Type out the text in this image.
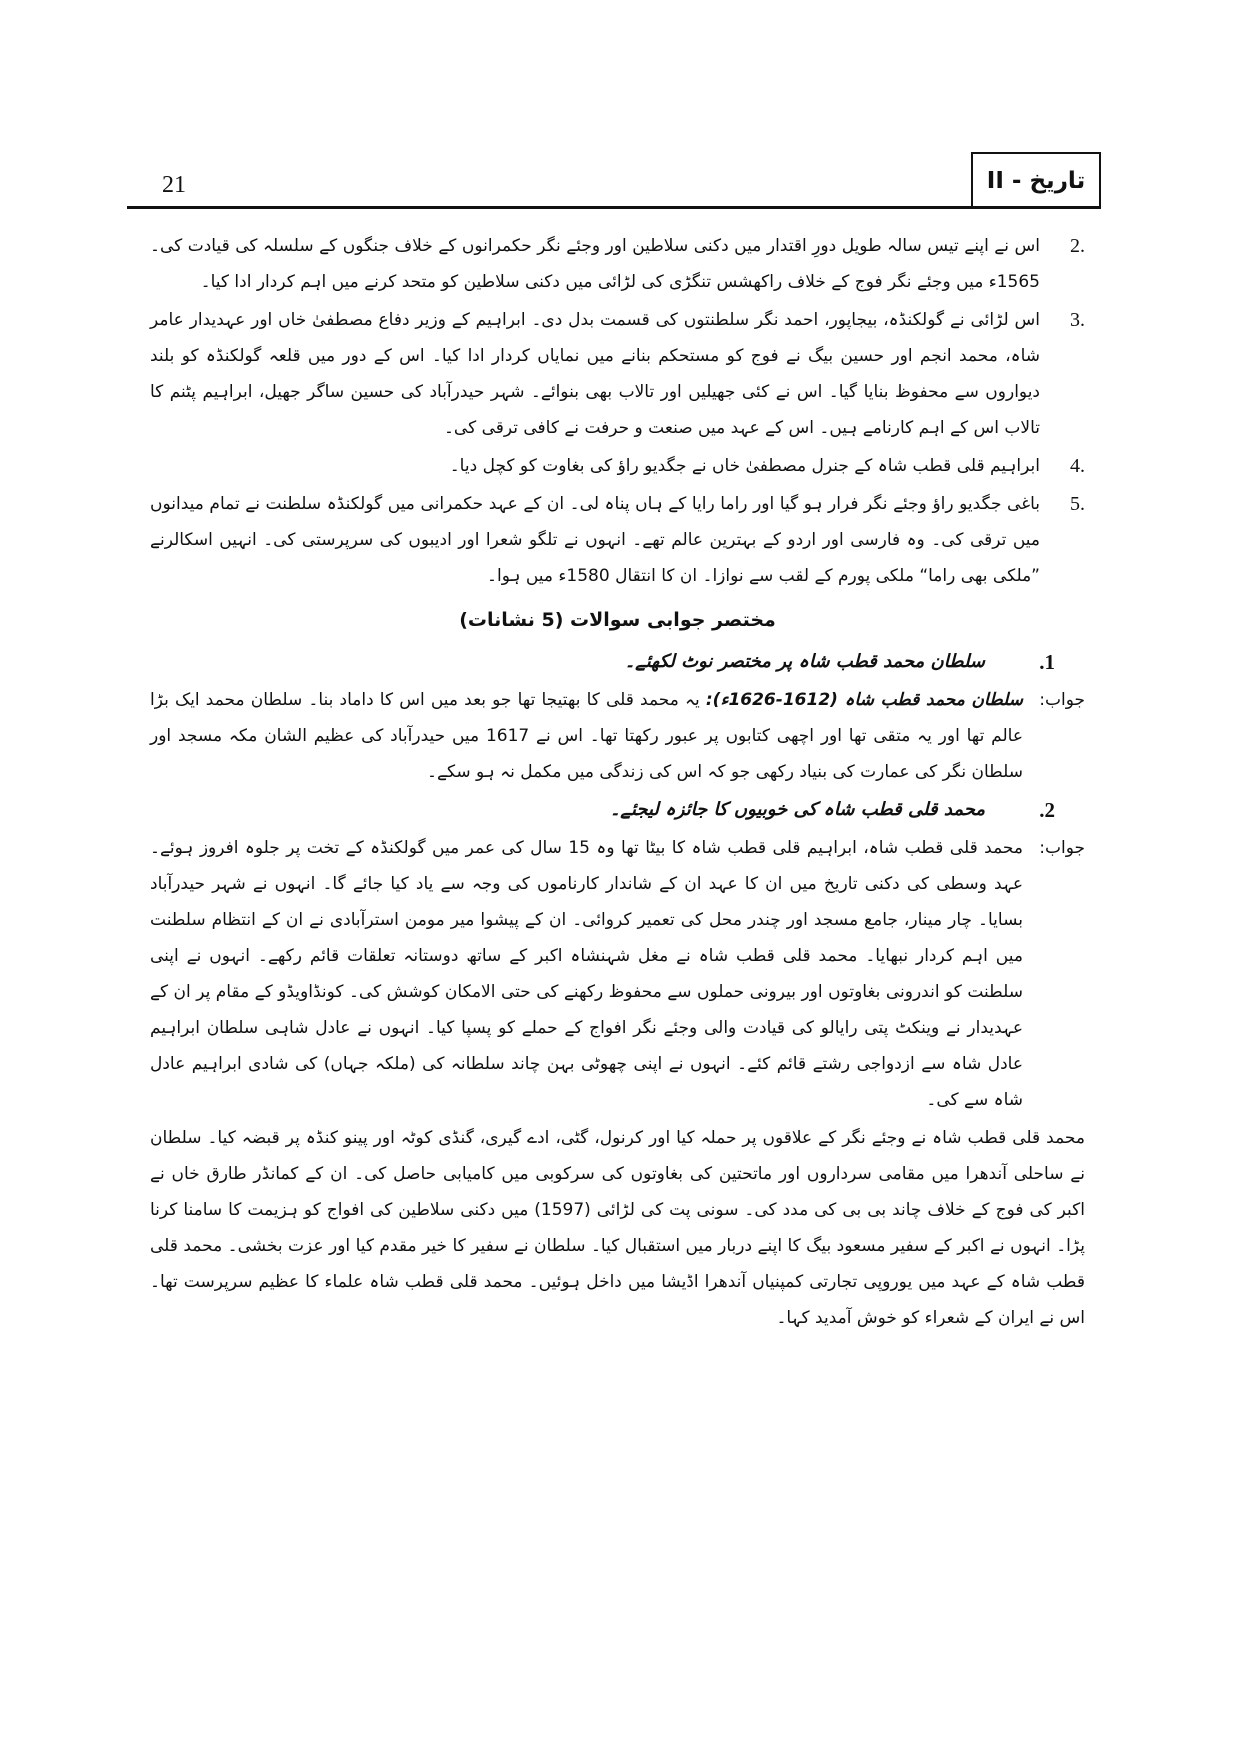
21	تاریخ - II
2.
اس نے اپنے تیس سالہ طویل دورِ اقتدار میں دکنی سلاطین اور وجئے نگر حکمرانوں کے خلاف جنگوں کے سلسلہ کی قیادت کی۔ 1565ء میں وجئے نگر فوج کے خلاف راکھشس تنگڑی کی لڑائی میں دکنی سلاطین کو متحد کرنے میں اہم کردار ادا کیا۔
3.
اس لڑائی نے گولکنڈہ، بیجاپور، احمد نگر سلطنتوں کی قسمت بدل دی۔ ابراہیم کے وزیر دفاع مصطفیٰ خاں اور عہدیدار عامر شاہ، محمد انجم اور حسین بیگ نے فوج کو مستحکم بنانے میں نمایاں کردار ادا کیا۔ اس کے دور میں قلعہ گولکنڈہ کو بلند دیواروں سے محفوظ بنایا گیا۔ اس نے کئی جھیلیں اور تالاب بھی بنوائے۔ شہر حیدرآباد کی حسین ساگر جھیل، ابراہیم پٹنم کا تالاب اس کے اہم کارنامے ہیں۔ اس کے عہد میں صنعت و حرفت نے کافی ترقی کی۔
4.
ابراہیم قلی قطب شاہ کے جنرل مصطفیٰ خاں نے جگدیو راؤ کی بغاوت کو کچل دیا۔
5.
باغی جگدیو راؤ وجئے نگر فرار ہو گیا اور راما رایا کے ہاں پناہ لی۔ ان کے عہد حکمرانی میں گولکنڈہ سلطنت نے تمام میدانوں میں ترقی کی۔ وہ فارسی اور اردو کے بہترین عالم تھے۔ انہوں نے تلگو شعرا اور ادیبوں کی سرپرستی کی۔ انہیں اسکالرنے ”ملکی بھی راما“ ملکی پورم کے لقب سے نوازا۔ ان کا انتقال 1580ء میں ہوا۔
مختصر جوابی سوالات (5 نشانات)
.1
سلطان محمد قطب شاہ پر مختصر نوٹ لکھئے۔
جواب:

سلطان محمد قطب شاہ (1612-1626ء): یہ محمد قلی کا بھتیجا تھا جو بعد میں اس کا داماد بنا۔ سلطان محمد ایک بڑا عالم تھا اور یہ متقی تھا اور اچھی کتابوں پر عبور رکھتا تھا۔ اس نے 1617 میں حیدرآباد کی عظیم الشان مکہ مسجد اور سلطان نگر کی عمارت کی بنیاد رکھی جو کہ اس کی زندگی میں مکمل نہ ہو سکے۔

.2
محمد قلی قطب شاہ کی خوبیوں کا جائزہ لیجئے۔
جواب:

محمد قلی قطب شاہ، ابراہیم قلی قطب شاہ کا بیٹا تھا وہ 15 سال کی عمر میں گولکنڈہ کے تخت پر جلوہ افروز ہوئے۔ عہد وسطی کی دکنی تاریخ میں ان کا عہد ان کے شاندار کارناموں کی وجہ سے یاد کیا جائے گا۔ انہوں نے شہر حیدرآباد بسایا۔ چار مینار، جامع مسجد اور چندر محل کی تعمیر کروائی۔ ان کے پیشوا میر مومن استرآبادی نے ان کے انتظام سلطنت میں اہم کردار نبھایا۔ محمد قلی قطب شاہ نے مغل شہنشاہ اکبر کے ساتھ دوستانہ تعلقات قائم رکھے۔ انہوں نے اپنی سلطنت کو اندرونی بغاوتوں اور بیرونی حملوں سے محفوظ رکھنے کی حتی الامکان کوشش کی۔ کونڈاویڈو کے مقام پر ان کے عہدیدار نے وینکٹ پتی رایالو کی قیادت والی وجئے نگر افواج کے حملے کو پسپا کیا۔ انہوں نے عادل شاہی سلطان ابراہیم عادل شاہ سے ازدواجی رشتے قائم کئے۔ انہوں نے اپنی چھوٹی بہن چاند سلطانہ کی (ملکہ جہاں) کی شادی ابراہیم عادل شاہ سے کی۔

محمد قلی قطب شاہ نے وجئے نگر کے علاقوں پر حملہ کیا اور کرنول، گٹی، ادے گیری، گنڈی کوٹہ اور پینو کنڈہ پر قبضہ کیا۔ سلطان نے ساحلی آندھرا میں مقامی سرداروں اور ماتحتین کی بغاوتوں کی سرکوبی میں کامیابی حاصل کی۔ ان کے کمانڈر طارق خاں نے اکبر کی فوج کے خلاف چاند بی بی کی مدد کی۔ سونی پت کی لڑائی (1597) میں دکنی سلاطین کی افواج کو ہزیمت کا سامنا کرنا پڑا۔ انہوں نے اکبر کے سفیر مسعود بیگ کا اپنے دربار میں استقبال کیا۔ سلطان نے سفیر کا خیر مقدم کیا اور عزت بخشی۔ محمد قلی قطب شاہ کے عہد میں یوروپی تجارتی کمپنیاں آندھرا اڈیشا میں داخل ہوئیں۔ محمد قلی قطب شاہ علماء کا عظیم سرپرست تھا۔ اس نے ایران کے شعراء کو خوش آمدید کہا۔
